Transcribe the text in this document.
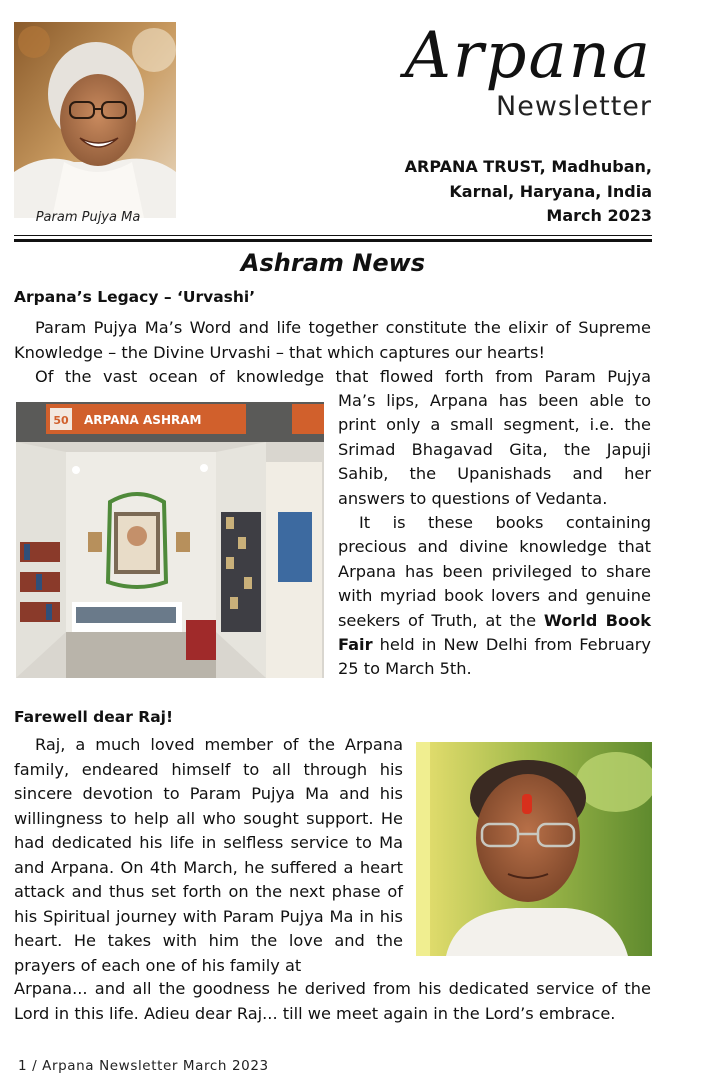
Param Pujya Ma
Arpana
Newsletter
ARPANA TRUST, Madhuban,
Karnal, Haryana, India
March 2023
Ashram News
Arpana’s Legacy – ‘Urvashi’

Param Pujya Ma’s Word and life together constitute the elixir of Supreme Knowledge – the Divine Urvashi – that which captures our hearts!

Of the vast ocean of knowledge that flowed forth from Param Pujya

50 ARPANA ASHRAM

Ma’s lips, Arpana has been able to print only a small segment, i.e. the Srimad Bhagavad Gita, the Japuji Sahib, the Upanishads and her answers to questions of Vedanta.

It is these books containing precious and divine knowledge that Arpana has been privileged to share with myriad book lovers and genuine seekers of Truth, at the World Book Fair held in New Delhi from February 25 to March 5th.

Farewell dear Raj!

Raj, a much loved member of the Arpana family, endeared himself to all through his sincere devotion to Param Pujya Ma and his willingness to help all who sought support. He had dedicated his life in selfless service to Ma and Arpana. On 4th March, he suffered a heart attack and thus set forth on the next phase of his Spiritual journey with Param Pujya Ma in his heart. He takes with him the love and the prayers of each one of his family at

Arpana... and all the goodness he derived from his dedicated service of the Lord in this life. Adieu dear Raj... till we meet again in the Lord’s embrace.

1 / Arpana Newsletter March 2023
